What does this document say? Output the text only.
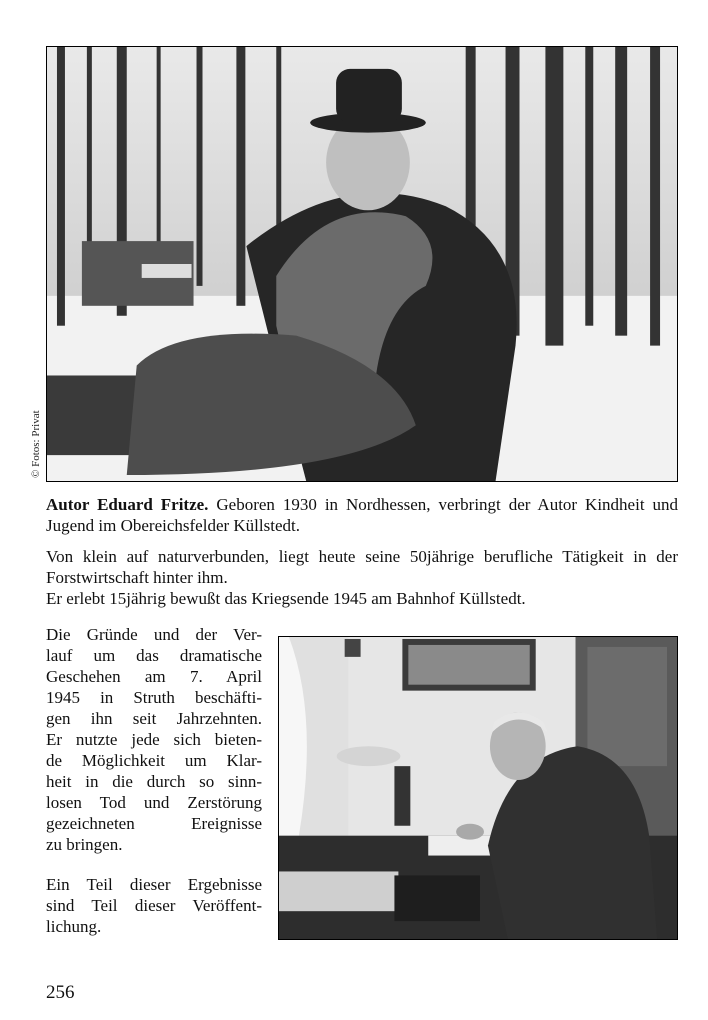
© Fotos: Privat
Autor Eduard Fritze. Geboren 1930 in Nordhessen, verbringt der Autor Kindheit und Jugend im Obereichsfelder Küllstedt.
Von klein auf naturverbunden, liegt heute seine 50jährige berufliche Tätigkeit in der Forstwirtschaft hinter ihm.
Er erlebt 15jährig bewußt das Kriegsende 1945 am Bahnhof Küllstedt.
Die Gründe und der Ver-
lauf um das dramatische
Geschehen am 7. April
1945 in Struth beschäfti-
gen ihn seit Jahrzehnten.
Er nutzte jede sich bieten-
de Möglichkeit um Klar-
heit in die durch so sinn-
losen Tod und Zerstörung
gezeichneten Ereignisse
zu bringen.
Ein Teil dieser Ergebnisse
sind Teil dieser Veröffent-
lichung.
256
